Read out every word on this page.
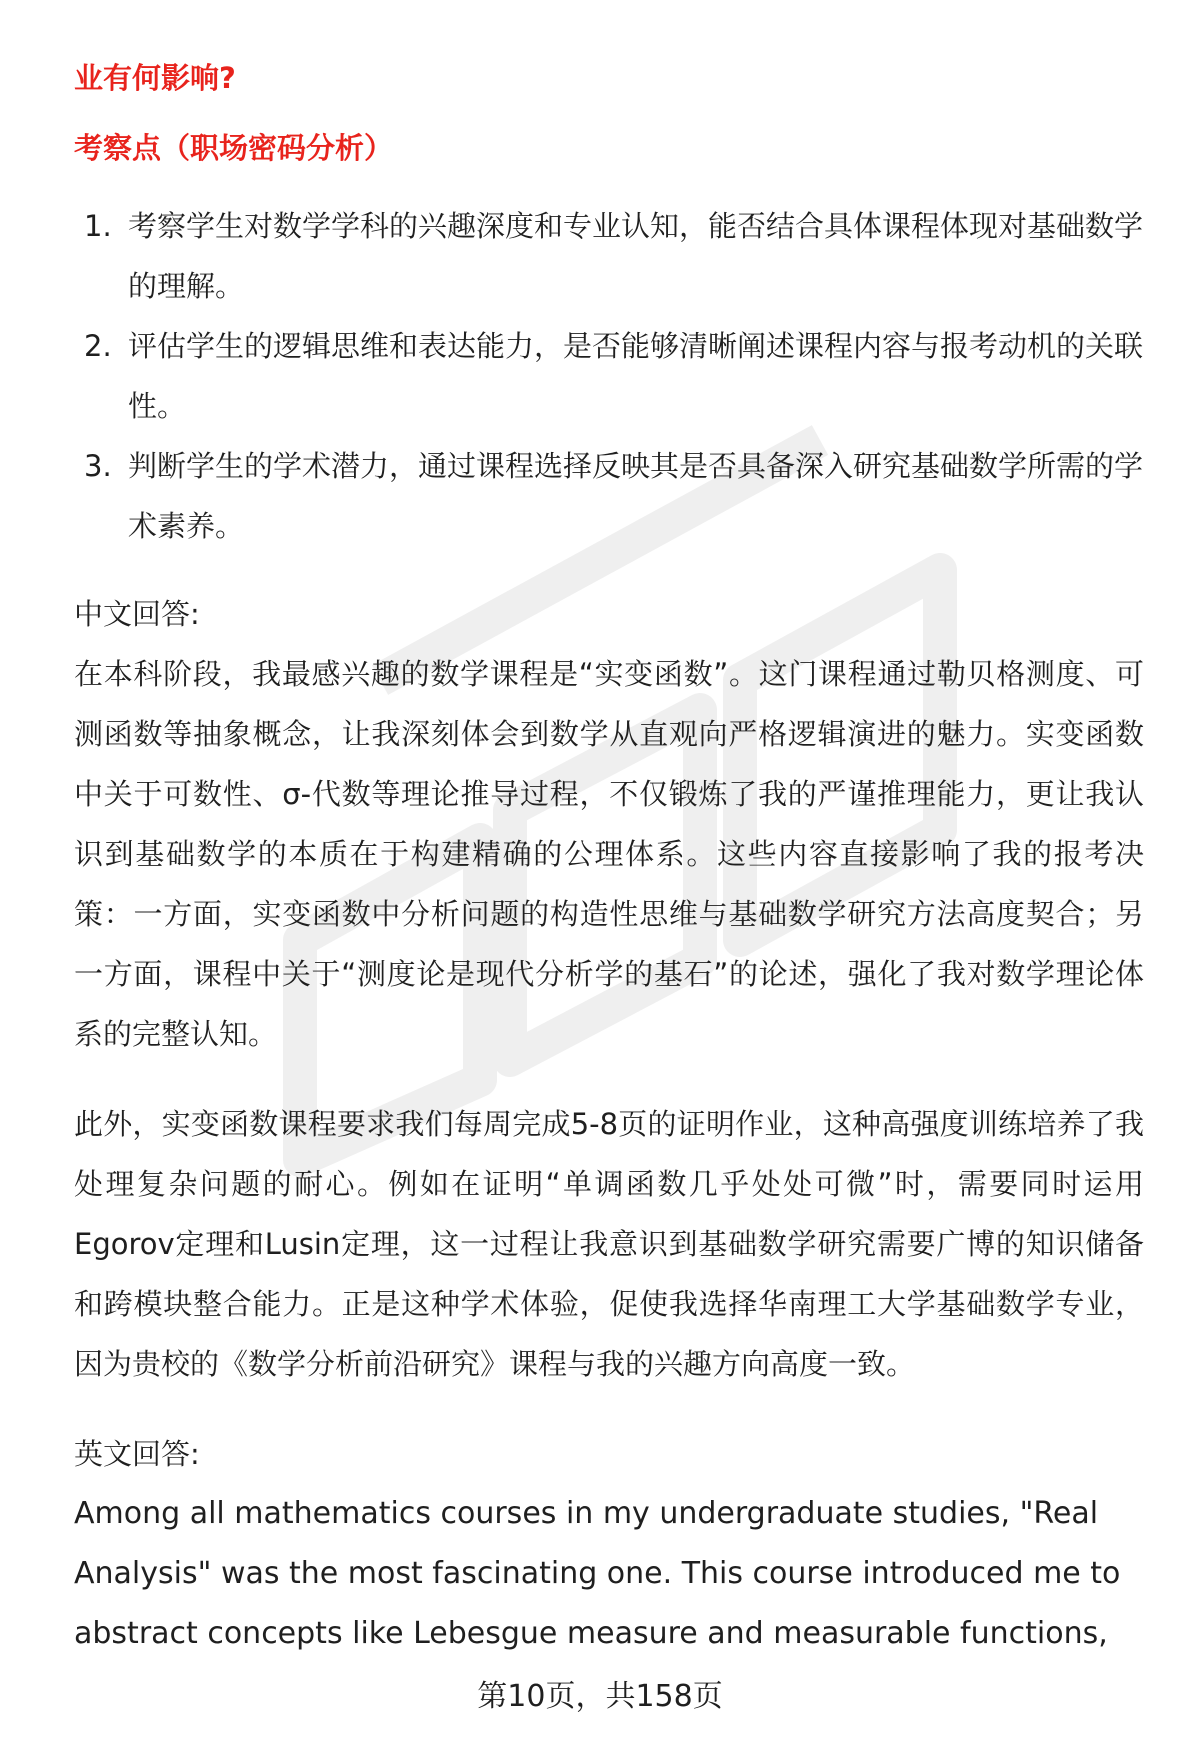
业有何影响?
考察点（职场密码分析）
1. 考察学生对数学学科的兴趣深度和专业认知，能否结合具体课程体现对基础数学的理解。
2. 评估学生的逻辑思维和表达能力，是否能够清晰阐述课程内容与报考动机的关联性。
3. 判断学生的学术潜力，通过课程选择反映其是否具备深入研究基础数学所需的学术素养。
中文回答:

在本科阶段，我最感兴趣的数学课程是“实变函数”。这门课程通过勒贝格测度、可测函数等抽象概念，让我深刻体会到数学从直观向严格逻辑演进的魅力。实变函数中关于可数性、σ-代数等理论推导过程，不仅锻炼了我的严谨推理能力，更让我认识到基础数学的本质在于构建精确的公理体系。这些内容直接影响了我的报考决策：一方面，实变函数中分析问题的构造性思维与基础数学研究方法高度契合；另一方面，课程中关于“测度论是现代分析学的基石”的论述，强化了我对数学理论体系的完整认知。

此外，实变函数课程要求我们每周完成5-8页的证明作业，这种高强度训练培养了我处理复杂问题的耐心。例如在证明“单调函数几乎处处可微”时，需要同时运用Egorov定理和Lusin定理，这一过程让我意识到基础数学研究需要广博的知识储备和跨模块整合能力。正是这种学术体验，促使我选择华南理工大学基础数学专业，因为贵校的《数学分析前沿研究》课程与我的兴趣方向高度一致。

英文回答:

Among all mathematics courses in my undergraduate studies, "Real
Analysis" was the most fascinating one. This course introduced me to
abstract concepts like Lebesgue measure and measurable functions,

第10页，共158页
